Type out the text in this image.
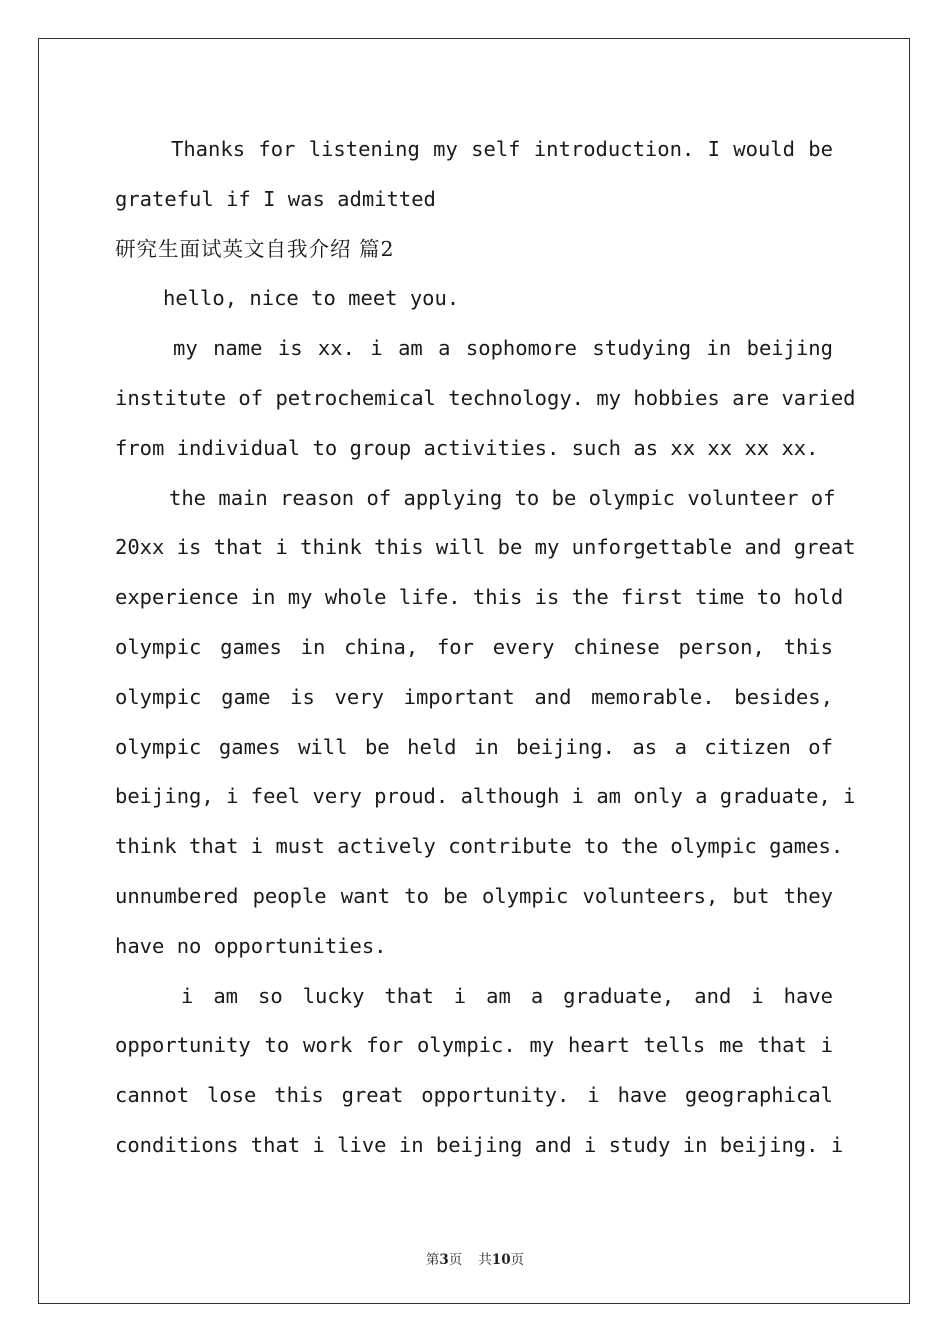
Thanks for listening my self introduction. I would be
grateful if I was admitted
研究生面试英文自我介绍 篇2
hello, nice to meet you.
my name is xx. i am a sophomore studying in beijing
institute of petrochemical technology. my hobbies are varied
from individual to group activities. such as xx xx xx xx.
the main reason of applying to be olympic volunteer of
20xx is that i think this will be my unforgettable and great
experience in my whole life. this is the first time to hold
olympic games in china, for every chinese person, this
olympic game is very important and memorable. besides,
olympic games will be held in beijing. as a citizen of
beijing, i feel very proud. although i am only a graduate, i
think that i must actively contribute to the olympic games.
unnumbered people want to be olympic volunteers, but they
have no opportunities.
i am so lucky that i am a graduate, and i have
opportunity to work for olympic. my heart tells me that i
cannot lose this great opportunity. i have geographical
conditions that i live in beijing and i study in beijing. i
第3页 共10页
